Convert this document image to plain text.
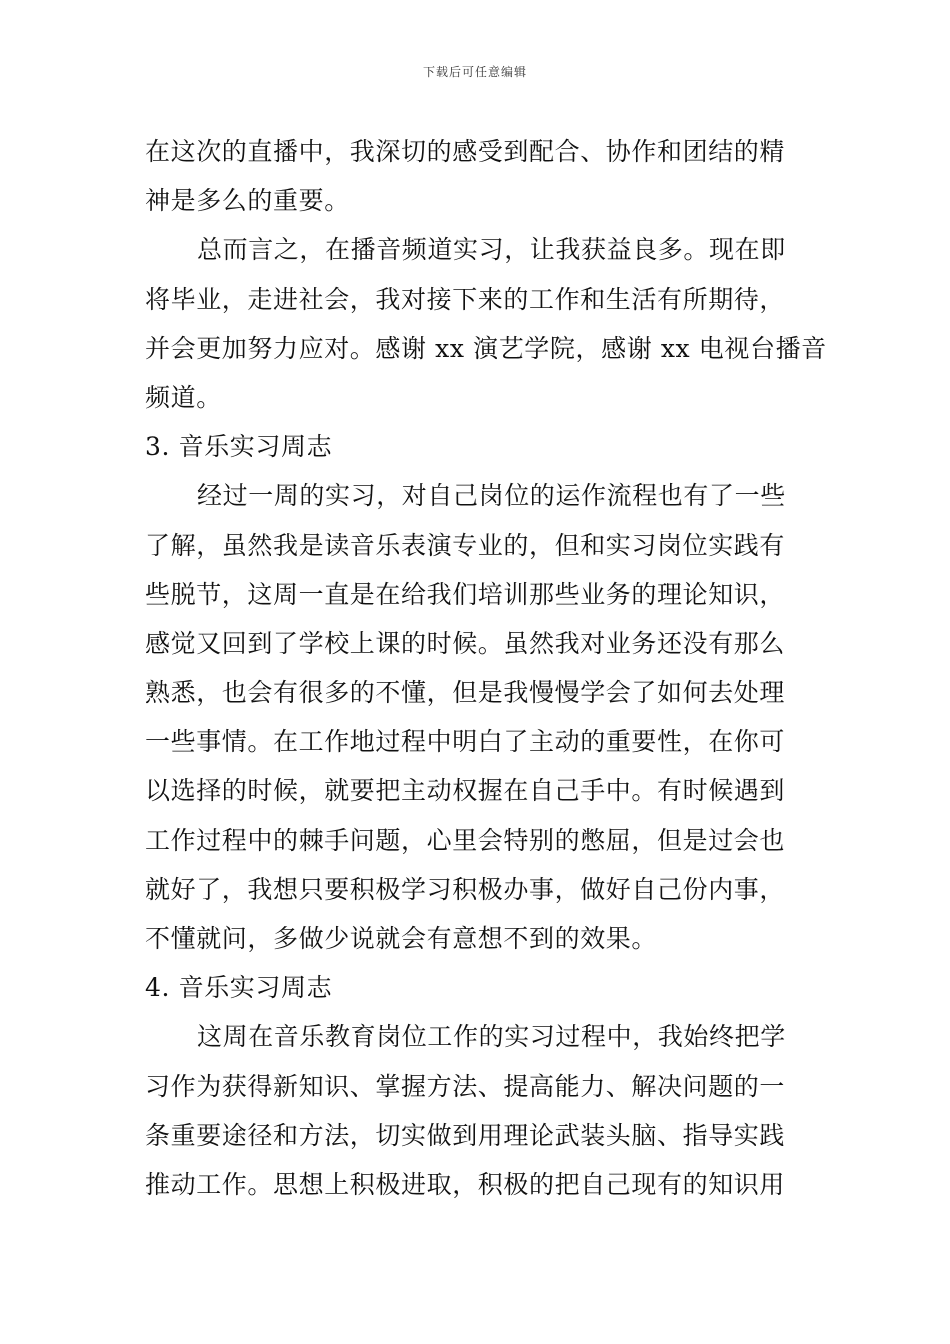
下载后可任意编辑
在这次的直播中，我深切的感受到配合、协作和团结的精
神是多么的重要。
总而言之，在播音频道实习，让我获益良多。现在即
将毕业，走进社会，我对接下来的工作和生活有所期待，
并会更加努力应对。感谢 xx 演艺学院，感谢 xx 电视台播音
频道。
3. 音乐实习周志
经过一周的实习，对自己岗位的运作流程也有了一些
了解，虽然我是读音乐表演专业的，但和实习岗位实践有
些脱节，这周一直是在给我们培训那些业务的理论知识，
感觉又回到了学校上课的时候。虽然我对业务还没有那么
熟悉，也会有很多的不懂，但是我慢慢学会了如何去处理
一些事情。在工作地过程中明白了主动的重要性，在你可
以选择的时候，就要把主动权握在自己手中。有时候遇到
工作过程中的棘手问题，心里会特别的憋屈，但是过会也
就好了，我想只要积极学习积极办事，做好自己份内事，
不懂就问，多做少说就会有意想不到的效果。
4. 音乐实习周志
这周在音乐教育岗位工作的实习过程中，我始终把学
习作为获得新知识、掌握方法、提高能力、解决问题的一
条重要途径和方法，切实做到用理论武装头脑、指导实践
推动工作。思想上积极进取，积极的把自己现有的知识用
